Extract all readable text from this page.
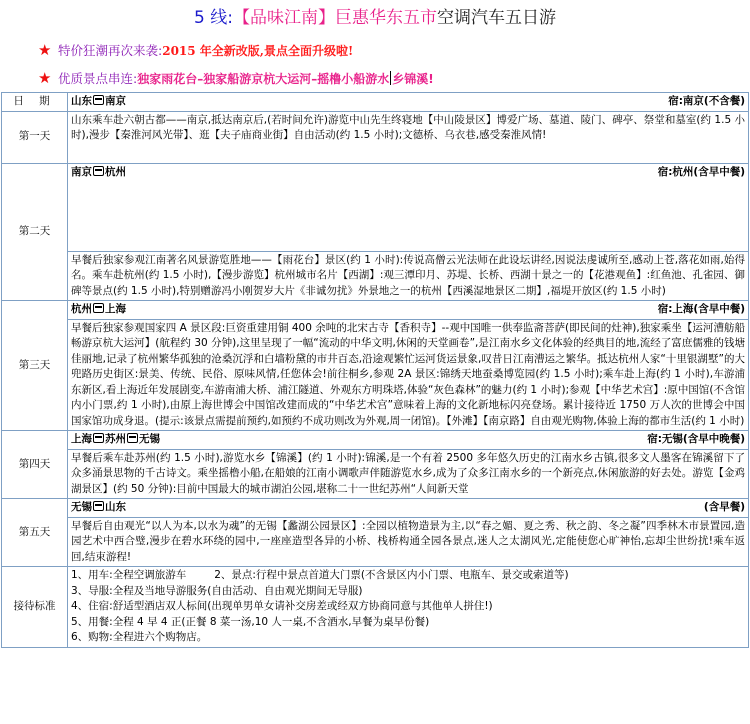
5 线:【品味江南】巨惠华东五市空调汽车五日游
★ 特价狂潮再次来袭:2015 年全新改版,景点全面升级啦!
★ 优质景点串连:独家雨花台–独家船游京杭大运河–摇橹小船游水 乡锦溪!
日 期	山东 南京 宿:南京(不含餐)

第一天	山东乘车赴六朝古都——南京,抵达南京后,(若时间允许)游览中山先生终寝地【中山陵景区】博爱广场、墓道、陵门、碑亭、祭堂和墓室(约 1.5 小时),漫步【秦淮河风光带】、逛【夫子庙商业街】自由活动(约 1.5 小时);文德桥、乌衣巷,感受秦淮风情!
第二天	南京 杭州 宿:杭州(含早中餐)

	早餐后独家参观江南著名风景游览胜地——【雨花台】景区(约 1 小时):传说高僧云光法师在此设坛讲经,因说法虔诚所至,感动上苍,落花如雨,始得名。乘车赴杭州(约 1.5 小时),【漫步游览】杭州城市名片【西湖】:观三潭印月、苏堤、长桥、西湖十景之一的【花港观鱼】:红鱼池、孔雀园、御碑等景点(约 1.5 小时),特别赠游冯小刚贺岁大片《非诚勿扰》外景地之一的杭州【西溪湿地景区二期】,福堤开放区(约 1.5 小时)
第三天	杭州 上海 宿:上海(含早中餐)

	早餐后独家参观国家四 A 景区段:巨资重建用铜 400 余吨的北宋古寺【香积寺】--观中国唯一供奉监斋菩萨(即民间的灶神),独家乘坐【运河漕舫船畅游京杭大运河】(航程约 30 分钟),这里呈现了一幅“流动的中华文明,休闲的天堂画卷”,是江南水乡文化体验的经典目的地,流经了富庶儒雅的钱塘佳丽地,记录了杭州繁华孤独的沧桑沉浮和白墙粉黛的市井百态,沿途观繁忙运河货运景象,叹昔日江南漕运之繁华。抵达杭州人家“十里银湖墅”的大兜路历史街区:景美、传统、民俗、原味风情,任您体会!前往桐乡,参观 2A 景区:锦绣天地蚕桑博览园(约 1.5 小时);乘车赴上海(约 1 小时),车游浦东新区,看上海近年发展剧变,车游南浦大桥、浦江隧道、外观东方明珠塔,体验“灰色森林”的魅力(约 1 小时);参观【中华艺术宫】:原中国馆(不含馆内小门票,约 1 小时),由原上海世博会中国馆改建而成的“中华艺术宫”意味着上海的文化新地标闪亮登场。累计接待近 1750 万人次的世博会中国国家馆功成身退。(提示:该景点需提前预约,如预约不成功则改为外观,周一闭馆)。【外滩】【南京路】自由观光购物,体验上海的都市生活(约 1 小时)
第四天	上海 苏州 无锡 宿:无锡(含早中晚餐)

	早餐后乘车赴苏州(约 1.5 小时),游览水乡【锦溪】(约 1 小时):锦溪,是一个有着 2500 多年悠久历史的江南水乡古镇,很多文人墨客在锦溪留下了众多涌景思物的千古诗文。乘坐摇橹小船,在船娘的江南小调歌声伴随游览水乡,成为了众多江南水乡的一个新亮点,休闲旅游的好去处。游览【金鸡湖景区】(约 50 分钟):目前中国最大的城市湖泊公园,堪称二十一世纪苏州“人间新天堂
第五天	无锡 山东 (含早餐)

	早餐后自由观光“以人为本,以水为魂”的无锡【蠡湖公园景区】:全园以植物造景为主,以“春之媚、夏之秀、秋之韵、冬之凝”四季林木市景置园,造园艺术中西合璧,漫步在碧水环绕的园中,一座座造型各异的小桥、栈桥构通全园各景点,迷人之太湖风光,定能使您心旷神怡,忘却尘世纷扰!乘车返回,结束游程!
接待标准	1、用车:全程空调旅游车 2、景点:行程中景点首道大门票(不含景区内小门票、电瓶车、景交或索道等)
3、导服:全程及当地导游服务(自由活动、自由观光期间无导服)
4、住宿:舒适型酒店双人标间(出现单男单女请补交房差或经双方协商同意与其他单人拼住!)
5、用餐:全程 4 早 4 正(正餐 8 菜一汤,10 人一桌,不含酒水,早餐为桌早份餐)
6、购物:全程进六个购物店。
